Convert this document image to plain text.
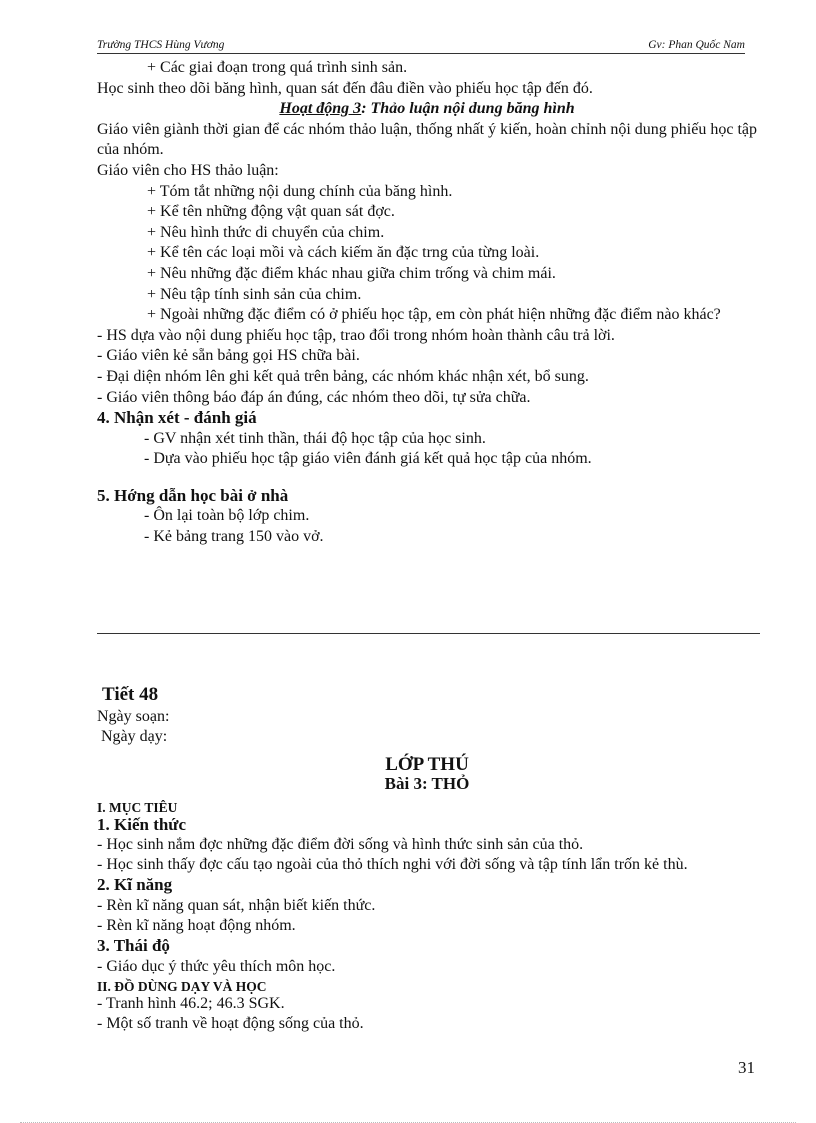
Trường THCS Hùng Vương	Gv: Phan Quốc Nam

+ Các giai đoạn trong quá trình sinh sản.

Học sinh theo dõi băng hình, quan sát đến đâu điền vào phiếu học tập đến đó.

Hoạt động 3: Thảo luận nội dung băng hình

Giáo viên giành thời gian để các nhóm thảo luận, thống nhất ý kiến, hoàn chỉnh nội dung phiếu học tập của nhóm.

Giáo viên cho HS thảo luận:

+ Tóm tắt những nội dung chính của băng hình.

+ Kể tên những động vật quan sát đợc.

+ Nêu hình thức di chuyển của chim.

+ Kể tên các loại mồi và cách kiếm ăn đặc trng của từng loài.

+ Nêu những đặc điểm khác nhau giữa chim trống và chim mái.

+ Nêu tập tính sinh sản của chim.

+ Ngoài những đặc điểm có ở phiếu học tập, em còn phát hiện những đặc điểm nào khác?

- HS dựa vào nội dung phiếu học tập, trao đổi trong nhóm hoàn thành câu trả lời.

- Giáo viên kẻ sẵn bảng gọi HS chữa bài.

- Đại diện nhóm lên ghi kết quả trên bảng, các nhóm khác nhận xét, bổ sung.

- Giáo viên thông báo đáp án đúng, các nhóm theo dõi, tự sửa chữa.

4. Nhận xét - đánh giá

- GV nhận xét tinh thần, thái độ học tập của học sinh.

- Dựa vào phiếu học tập giáo viên đánh giá kết quả học tập của nhóm.

5. Hớng dẫn học bài ở nhà

- Ôn lại toàn bộ lớp chim.

- Kẻ bảng trang 150 vào vở.

Tiết 48

Ngày soạn:

Ngày dạy:

LỚP THÚ

Bài 3: THỎ

I. MỤC TIÊU

1. Kiến thức

- Học sinh nắm đợc những đặc điểm đời sống và hình thức sinh sản của thỏ.

- Học sinh thấy đợc cấu tạo ngoài của thỏ thích nghi với đời sống và tập tính lẩn trốn kẻ thù.

2. Kĩ năng

- Rèn kĩ năng quan sát, nhận biết kiến thức.

- Rèn kĩ năng hoạt động nhóm.

3. Thái độ

- Giáo dục ý thức yêu thích môn học.

II. ĐỒ DÙNG DẠY VÀ HỌC

- Tranh hình 46.2; 46.3 SGK.

- Một số tranh về hoạt động sống của thỏ.

31
